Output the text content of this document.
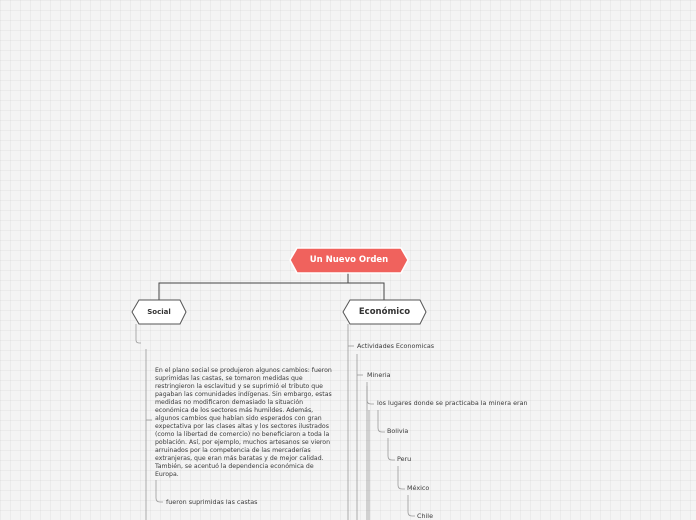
Un Nuevo Orden
Social	Económico
En el plano social se produjeron algunos cambios: fueron suprimidas las castas, se tomaron medidas que restringieron la esclavitud y se suprimió el tributo que pagaban las comunidades indígenas. Sin embargo, estas medidas no modificaron demasiado la situación económica de los sectores más humildes. Además, algunos cambios que habían sido esperados con gran expectativa por las clases altas y los sectores ilustrados (como la libertad de comercio) no beneficiaron a toda la población. Así, por ejemplo, muchos artesanos se vieron arruinados por la competencia de las mercaderías extranjeras, que eran más baratas y de mejor calidad. También, se acentuó la dependencia económica de Europa.
fueron suprimidas las castas
Actividades Economicas
Mineria
los lugares donde se practicaba la minera eran
Bolivia
Peru
México
Chile
